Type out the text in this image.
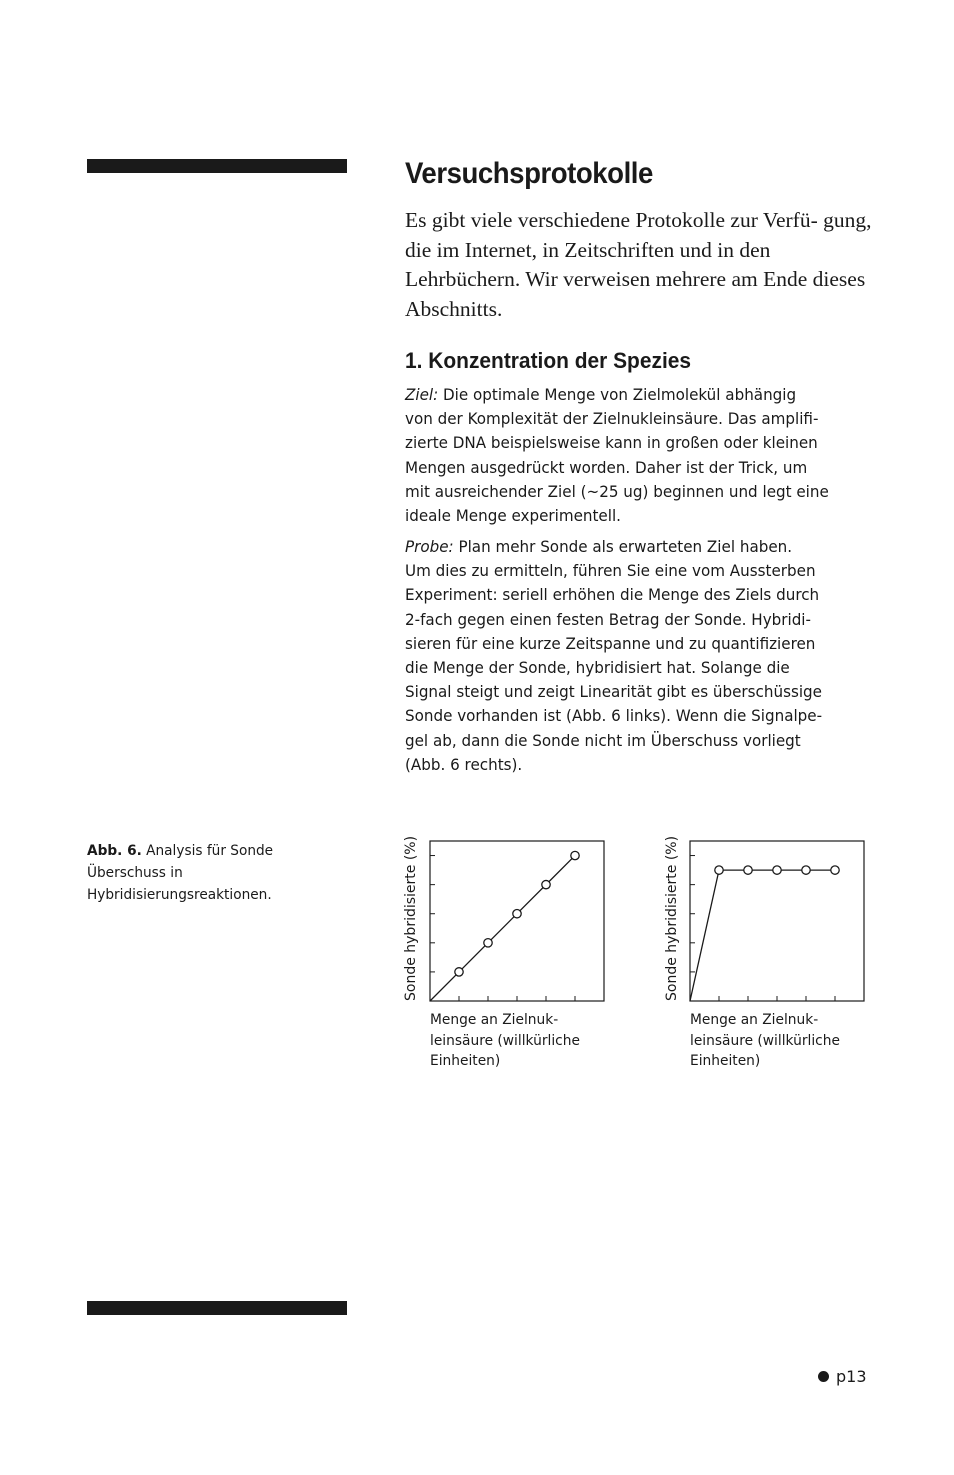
Versuchsprotokolle

Es gibt viele verschiedene Protokolle zur Verfü- gung, die im Internet, in Zeitschriften und in den Lehrbüchern. Wir verweisen mehrere am Ende dieses Abschnitts.

1. Konzentration der Spezies
Ziel: Die optimale Menge von Zielmolekül abhängig
von der Komplexität der Zielnukleinsäure. Das amplifi-
zierte DNA beispielsweise kann in großen oder kleinen
Mengen ausgedrückt worden. Daher ist der Trick, um
mit ausreichender Ziel (~25 ug) beginnen und legt eine
ideale Menge experimentell.
Probe: Plan mehr Sonde als erwarteten Ziel haben.
Um dies zu ermitteln, führen Sie eine vom Aussterben
Experiment: seriell erhöhen die Menge des Ziels durch
2-fach gegen einen festen Betrag der Sonde. Hybridi-
sieren für eine kurze Zeitspanne und zu quantifizieren
die Menge der Sonde, hybridisiert hat. Solange die
Signal steigt und zeigt Linearität gibt es überschüssige
Sonde vorhanden ist (Abb. 6 links). Wenn die Signalpe-
gel ab, dann die Sonde nicht im Überschuss vorliegt
(Abb. 6 rechts).
Abb. 6. Analysis für Sonde Überschuss in Hybridisierungsreaktionen.	Sonde hybridisierte (%)	Sonde hybridisierte (%)
Menge an Zielnuk-
leinsäure (willkürliche
Einheiten)
Menge an Zielnuk-
leinsäure (willkürliche
Einheiten)
p13
